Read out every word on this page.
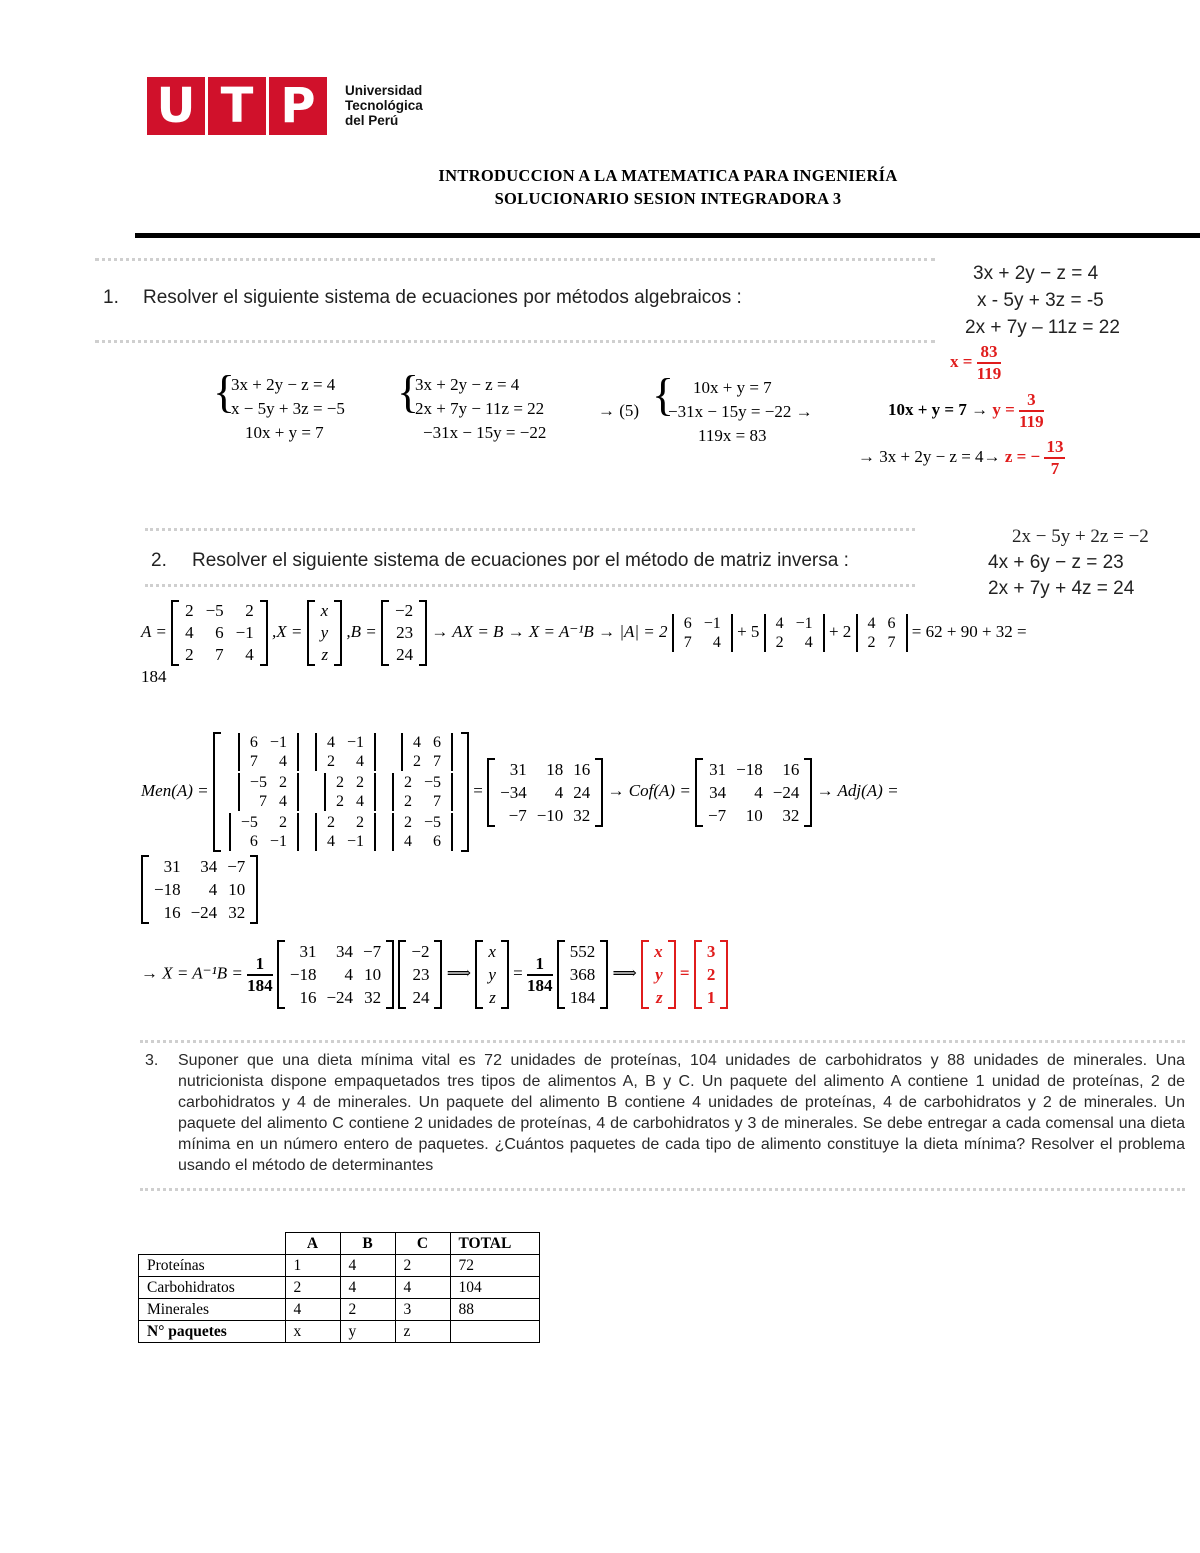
U T P	Universidad
Tecnológica
del Perú
INTRODUCCION A LA MATEMATICA PARA INGENIERÍA
SOLUCIONARIO SESION INTEGRADORA 3
1. Resolver el siguiente sistema de ecuaciones por métodos algebraicos :
3x + 2y − z = 4
x - 5y + 3z = -5
2x + 7y – 11z = 22
{
3x + 2y − z = 4
x − 5y + 3z = −5
10x + y = 7
{
3x + 2y − z = 4
2x + 7y − 11z = 22
−31x − 15y = −22
→ (5) {	10x + y = 7
−31x − 15y = −22 →
119x = 83
$x = \frac{83}{119}$
$10x + y = 7 \to y = \frac{3}{119}$
→ 3x + 2y − z = 4→ z = − $\frac{13}{7}$
2. Resolver el siguiente sistema de ecuaciones por el método de matriz inversa :
2x − 5y + 2z = −2
4x + 6y − z = 23
2x + 7y + 4z = 24
A =
2	−5	2
4	6	−1
2	7	4
,X =
x
y
z
,B =
−2
23
24
→ AX = B → X = A⁻¹B → |A| = 2 6	−1
7	4
+ 5 4	−1
2	4
+ 2 4	6
2	7
= 62 + 90 + 32 =
184
Men(A) =
6	−1
7	4

4	−1
2	4

4	6
2	7

−5	2
7	4

2	2
2	4

2	−5
2	7

−5	2
6	−1

2	2
4	−1

2	−5
4	6
=
31	18	16
−34	4	24
−7	−10	32
→ Cof(A) =
31	−18	16
34	4	−24
−7	10	32
→ Adj(A) =
31	34	−7
−18	4	10
16	−24	32
→ $X = A^{-1}B = \frac{1}{184}$

31	34	−7
−18	4	10
16	−24	32

−2
23
24
⟹
x
y
z
= $\frac{1}{184}$

552
368
184
⟹
x
y
z
=
3
2
1
3. Suponer que una dieta mínima vital es 72 unidades de proteínas, 104 unidades de carbohidratos y 88 unidades de minerales. Una nutricionista dispone empaquetados tres tipos de alimentos A, B y C. Un paquete del alimento A contiene 1 unidad de proteínas, 2 de carbohidratos y 4 de minerales. Un paquete del alimento B contiene 4 unidades de proteínas, 4 de carbohidratos y 2 de minerales. Un paquete del alimento C contiene 2 unidades de proteínas, 4 de carbohidratos y 3 de minerales. Se debe entregar a cada comensal una dieta mínima en un número entero de paquetes. ¿Cuántos paquetes de cada tipo de alimento constituye la dieta mínima? Resolver el problema usando el método de determinantes
	A	B	C	TOTAL
Proteínas	1	4	2	72
Carbohidratos	2	4	4	104
Minerales	4	2	3	88
N° paquetes	x	y	z	
